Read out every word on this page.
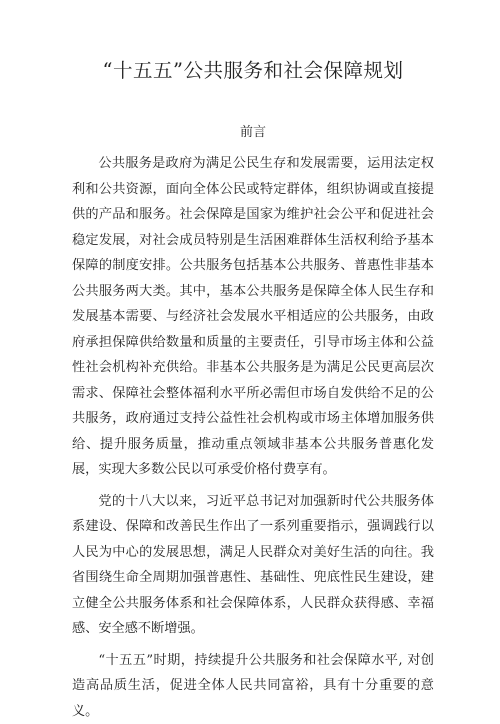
“十五五”公共服务和社会保障规划
前言

公共服务是政府为满足公民生存和发展需要，运用法定权利和公共资源，面向全体公民或特定群体，组织协调或直接提供的产品和服务。社会保障是国家为维护社会公平和促进社会稳定发展，对社会成员特别是生活困难群体生活权利给予基本保障的制度安排。公共服务包括基本公共服务、普惠性非基本公共服务两大类。其中，基本公共服务是保障全体人民生存和发展基本需要、与经济社会发展水平相适应的公共服务，由政府承担保障供给数量和质量的主要责任，引导市场主体和公益性社会机构补充供给。非基本公共服务是为满足公民更高层次需求、保障社会整体福利水平所必需但市场自发供给不足的公共服务，政府通过支持公益性社会机构或市场主体增加服务供给、提升服务质量，推动重点领域非基本公共服务普惠化发展，实现大多数公民以可承受价格付费享有。

党的十八大以来，习近平总书记对加强新时代公共服务体系建设、保障和改善民生作出了一系列重要指示，强调践行以人民为中心的发展思想，满足人民群众对美好生活的向往。我省围绕生命全周期加强普惠性、基础性、兜底性民生建设，建立健全公共服务体系和社会保障体系，人民群众获得感、幸福感、安全感不断增强。

“十五五”时期，持续提升公共服务和社会保障水平, 对创造高品质生活，促进全体人民共同富裕，具有十分重要的意义。
